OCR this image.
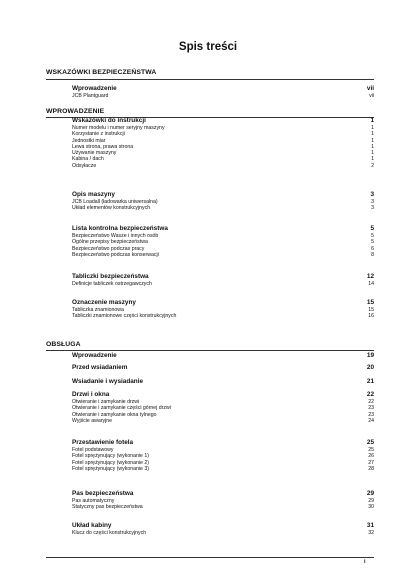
Spis treści
WSKAZÓWKI BEZPIECZEŃSTWA
Wprowadzenie	vii
JCB Plantguard	vii
WPROWADZENIE
Wskazówki do instrukcji	1
Numer modelu i numer seryjny maszyny	1
Korzystanie z instrukcji	1
Jednostki miar	1
Lewa strona, prawa strona	1
Używanie maszyny	1
Kabina / dach	1
Odsyłacze	2
Opis maszyny	3
JCB Loadall (ładowarka uniwersalna)	3
Układ elementów konstrukcyjnych	3
Lista kontrolna bezpieczeństwa	5
Bezpieczeństwo Wasze i innych osób	5
Ogólne przepisy bezpieczeństwa	5
Bezpieczeństwo podczas pracy	6
Bezpieczeństwo podczas konserwacji	8
Tabliczki bezpieczeństwa	12
Definicje tabliczek ostrzegawczych	14
Oznaczenie maszyny	15
Tabliczka znamionowa	15
Tabliczki znamionowe części konstrukcyjnych	16
OBSŁUGA
Wprowadzenie	19
Przed wsiadaniem	20
Wsiadanie i wysiadanie	21
Drzwi i okna	22
Otwieranie i zamykanie drzwi	22
Otwieranie i zamykanie części górnej drzwi	23
Otwieranie i zamykanie okna tylnego	23
Wyjście awaryjne	24
Przestawienie fotela	25
Fotel podstawowy	25
Fotel sprężynujący (wykonanie 1)	26
Fotel sprężynujący (wykonanie 2)	27
Fotel sprężynujący (wykonanie 3)	28
Pas bezpieczeństwa	29
Pas automatyczny	29
Statyczny pas bezpieczeństwa	30
Układ kabiny	31
Klucz do części konstrukcyjnych	32
i
